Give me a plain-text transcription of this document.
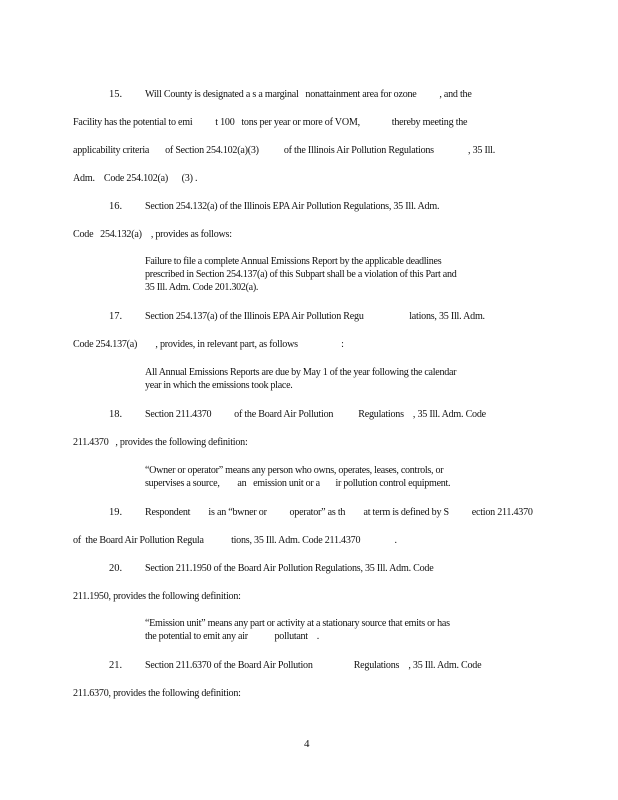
15. Will County is designated a s a marginal   nonattainment area for ozone          , and the
Facility has the potential to emi          t 100   tons per year or more of VOM,              thereby meeting the
applicability criteria       of Section 254.102(a)(3)           of the Illinois Air Pollution Regulations               , 35 Ill.
Adm.    Code 254.102(a)      (3) .
16. Section 254.132(a) of the Illinois EPA Air Pollution Regulations, 35 Ill. Adm.
Code   254.132(a)    , provides as follows:
Failure to file a complete Annual Emissions Report by the applicable deadlines
prescribed in Section 254.137(a) of this Subpart shall be a violation of this Part and
35 Ill. Adm. Code 201.302(a).
17. Section 254.137(a) of the Illinois EPA Air Pollution Regu                    lations, 35 Ill. Adm.
Code 254.137(a)        , provides, in relevant part, as follows                   :
All Annual Emissions Reports are due by May 1 of the year following the calendar
year in which the emissions took place.
18. Section 211.4370          of the Board Air Pollution           Regulations    , 35 Ill. Adm. Code
211.4370   , provides the following definition:
“Owner or operator” means any person who owns, operates, leases, controls, or
supervises a source,        an   emission unit or a       ir pollution control equipment.
19. Respondent        is an “bwner or          operator” as th        at term is defined by S          ection 211.4370
of  the Board Air Pollution Regula            tions, 35 Ill. Adm. Code 211.4370               .
20. Section 211.1950 of the Board Air Pollution Regulations, 35 Ill. Adm. Code
211.1950, provides the following definition:
“Emission unit” means any part or activity at a stationary source that emits or has
the potential to emit any air            pollutant    .
21. Section 211.6370 of the Board Air Pollution                  Regulations    , 35 Ill. Adm. Code
211.6370, provides the following definition:
4
